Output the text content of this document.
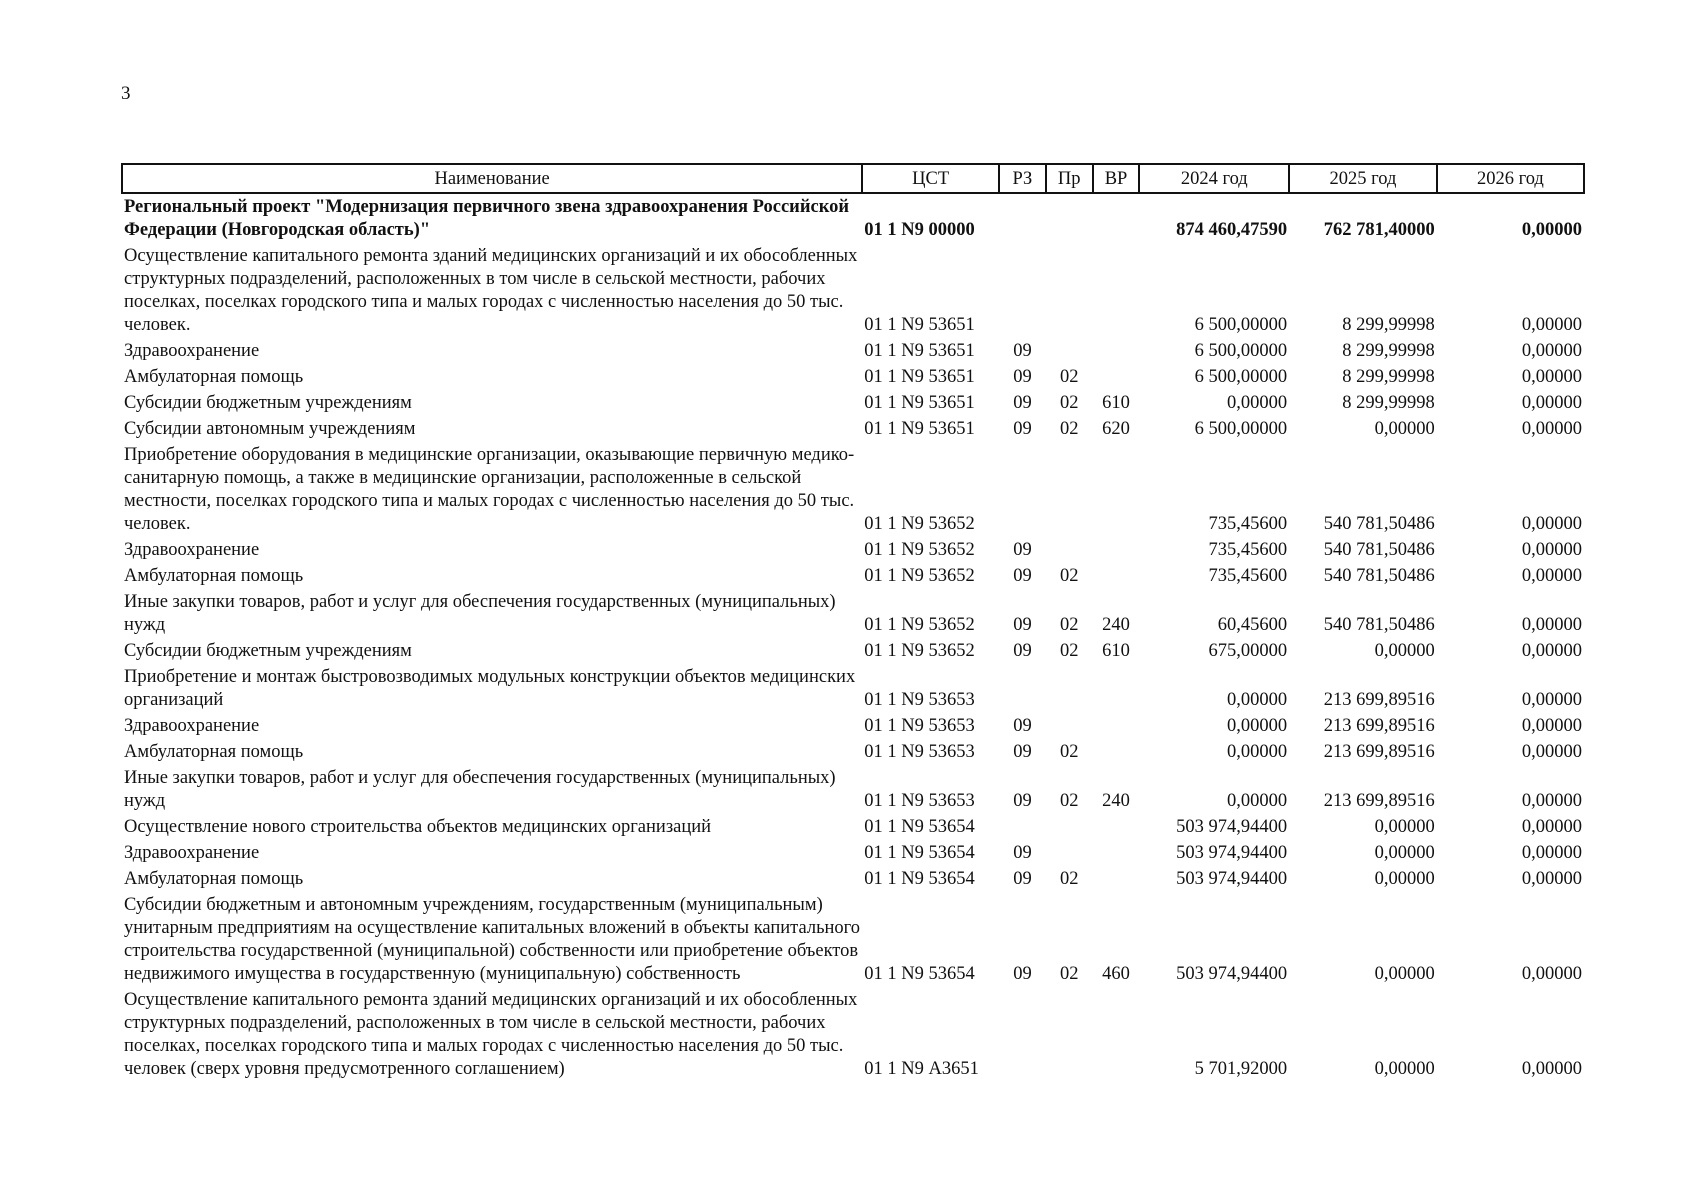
3
Наименование	ЦСТ	РЗ	Пр	ВР	2024 год	2025 год	2026 год
Региональный проект "Модернизация первичного звена здравоохранения Российской Федерации (Новгородская область)"	01 1 N9 00000				874 460,47590	762 781,40000	0,00000
Осуществление капитального ремонта зданий медицинских организаций и их обособленных структурных подразделений, расположенных в том числе в сельской местности, рабочих поселках, поселках городского типа и малых городах с численностью населения до 50 тыс. человек.	01 1 N9 53651				6 500,00000	8 299,99998	0,00000
Здравоохранение	01 1 N9 53651	09			6 500,00000	8 299,99998	0,00000
Амбулаторная помощь	01 1 N9 53651	09	02		6 500,00000	8 299,99998	0,00000
Субсидии бюджетным учреждениям	01 1 N9 53651	09	02	610	0,00000	8 299,99998	0,00000
Субсидии автономным учреждениям	01 1 N9 53651	09	02	620	6 500,00000	0,00000	0,00000
Приобретение оборудования в медицинские организации, оказывающие первичную медико-санитарную помощь, а также в медицинские организации, расположенные в сельской местности, поселках городского типа и малых городах с численностью населения до 50 тыс. человек.	01 1 N9 53652				735,45600	540 781,50486	0,00000
Здравоохранение	01 1 N9 53652	09			735,45600	540 781,50486	0,00000
Амбулаторная помощь	01 1 N9 53652	09	02		735,45600	540 781,50486	0,00000
Иные закупки товаров, работ и услуг для обеспечения государственных (муниципальных) нужд	01 1 N9 53652	09	02	240	60,45600	540 781,50486	0,00000
Субсидии бюджетным учреждениям	01 1 N9 53652	09	02	610	675,00000	0,00000	0,00000
Приобретение и монтаж быстровозводимых модульных конструкции объектов медицинских организаций	01 1 N9 53653				0,00000	213 699,89516	0,00000
Здравоохранение	01 1 N9 53653	09			0,00000	213 699,89516	0,00000
Амбулаторная помощь	01 1 N9 53653	09	02		0,00000	213 699,89516	0,00000
Иные закупки товаров, работ и услуг для обеспечения государственных (муниципальных) нужд	01 1 N9 53653	09	02	240	0,00000	213 699,89516	0,00000
Осуществление нового строительства объектов медицинских организаций	01 1 N9 53654				503 974,94400	0,00000	0,00000
Здравоохранение	01 1 N9 53654	09			503 974,94400	0,00000	0,00000
Амбулаторная помощь	01 1 N9 53654	09	02		503 974,94400	0,00000	0,00000
Субсидии бюджетным и автономным учреждениям, государственным (муниципальным) унитарным предприятиям на осуществление капитальных вложений в объекты капитального строительства государственной (муниципальной) собственности или приобретение объектов недвижимого имущества в государственную (муниципальную) собственность	01 1 N9 53654	09	02	460	503 974,94400	0,00000	0,00000
Осуществление капитального ремонта зданий медицинских организаций и их обособленных структурных подразделений, расположенных в том числе в сельской местности, рабочих поселках, поселках городского типа и малых городах с численностью населения до 50 тыс. человек (сверх уровня предусмотренного соглашением)	01 1 N9 А3651				5 701,92000	0,00000	0,00000
